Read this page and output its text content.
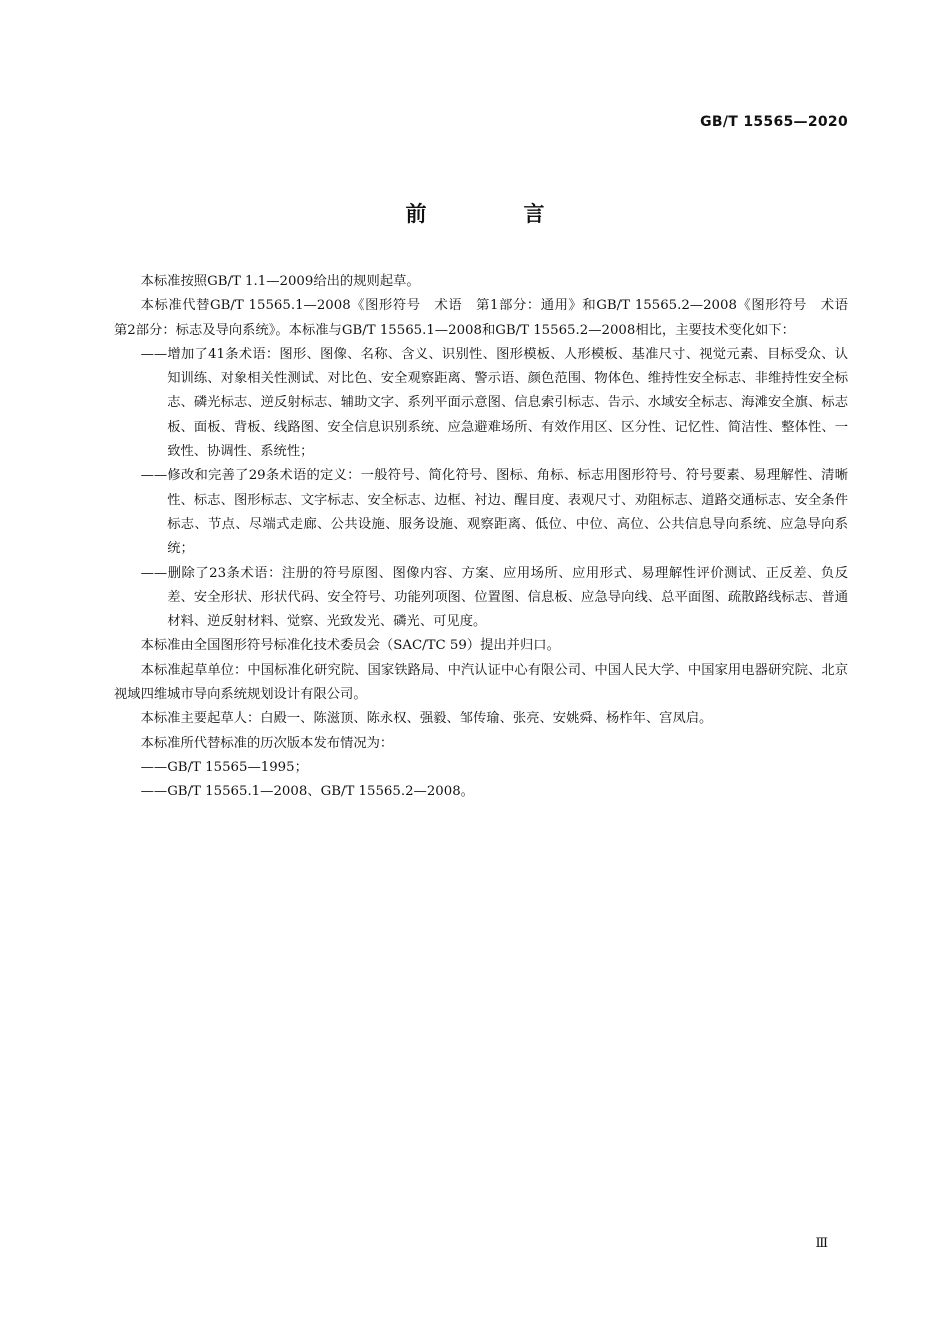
GB/T 15565—2020
前　言

本标准按照GB/T 1.1—2009给出的规则起草。

本标准代替GB/T 15565.1—2008《图形符号　术语　第1部分：通用》和GB/T 15565.2—2008《图形符号　术语　第2部分：标志及导向系统》。本标准与GB/T 15565.1—2008和GB/T 15565.2—2008相比，主要技术变化如下：

——增加了41条术语：图形、图像、名称、含义、识别性、图形模板、人形模板、基准尺寸、视觉元素、目标受众、认知训练、对象相关性测试、对比色、安全观察距离、警示语、颜色范围、物体色、维持性安全标志、非维持性安全标志、磷光标志、逆反射标志、辅助文字、系列平面示意图、信息索引标志、告示、水域安全标志、海滩安全旗、标志板、面板、背板、线路图、安全信息识别系统、应急避难场所、有效作用区、区分性、记忆性、简洁性、整体性、一致性、协调性、系统性；

——修改和完善了29条术语的定义：一般符号、简化符号、图标、角标、标志用图形符号、符号要素、易理解性、清晰性、标志、图形标志、文字标志、安全标志、边框、衬边、醒目度、表观尺寸、劝阻标志、道路交通标志、安全条件标志、节点、尽端式走廊、公共设施、服务设施、观察距离、低位、中位、高位、公共信息导向系统、应急导向系统；

——删除了23条术语：注册的符号原图、图像内容、方案、应用场所、应用形式、易理解性评价测试、正反差、负反差、安全形状、形状代码、安全符号、功能列项图、位置图、信息板、应急导向线、总平面图、疏散路线标志、普通材料、逆反射材料、觉察、光致发光、磷光、可见度。

本标准由全国图形符号标准化技术委员会（SAC/TC 59）提出并归口。

本标准起草单位：中国标准化研究院、国家铁路局、中汽认证中心有限公司、中国人民大学、中国家用电器研究院、北京视域四维城市导向系统规划设计有限公司。

本标准主要起草人：白殿一、陈滋顶、陈永权、强毅、邹传瑜、张亮、安姚舜、杨柞年、宫凤启。

本标准所代替标准的历次版本发布情况为：

——GB/T 15565—1995；

——GB/T 15565.1—2008、GB/T 15565.2—2008。

Ⅲ
